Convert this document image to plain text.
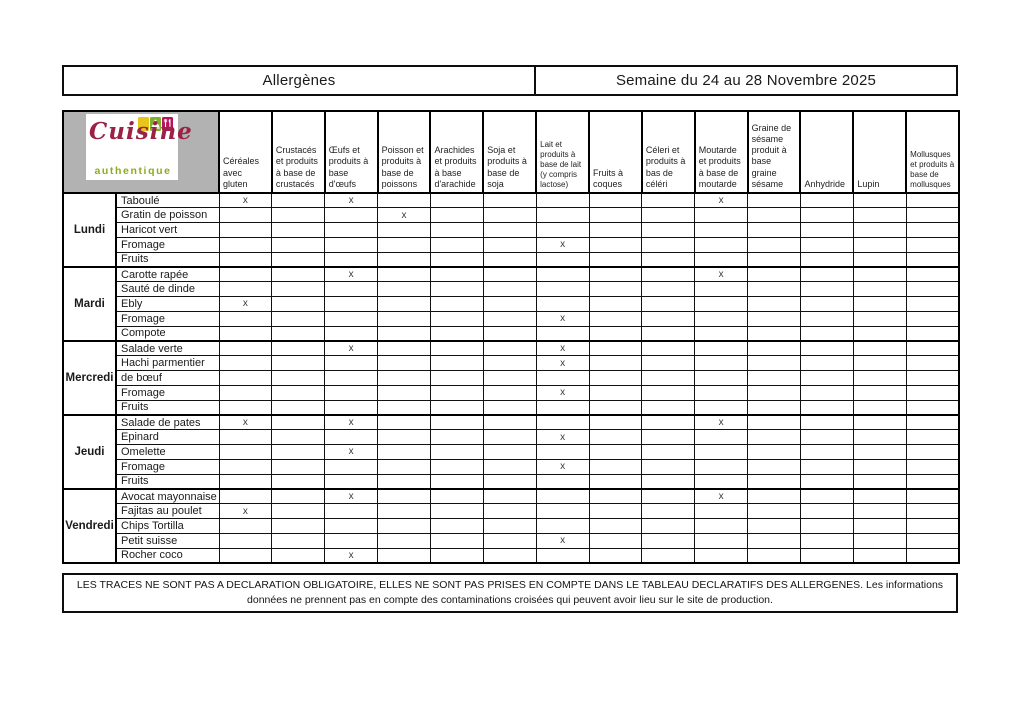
Allergènes	Semaine du 24 au 28 Novembre 2025
Cuisine
authentique		Céréales avec gluten	Crustacés et produits à base de crustacés	Œufs et produits à base d'œufs	Poisson et produits à base de poissons	Arachides et produits à base d'arachide	Soja et produits à base de soja	Lait et produits à base de lait (y compris lactose)	Fruits à coques	Céleri et produits à bas de céléri	Moutarde et produits à base de moutarde	Graine de sésame produit à base graine sésame	Anhydride	Lupin	Mollusques et produits à base de mollusques
Lundi	Taboulé	x		x							x				
	Gratin de poisson				x										
	Haricot vert														
	Fromage							x							
	Fruits														
Mardi	Carotte rapée			x							x				
	Sauté de dinde														
	Ebly	x													
	Fromage							x							
	Compote														
Mercredi	Salade verte			x				x							
	Hachi parmentier							x							
	de bœuf														
	Fromage							x							
	Fruits														
Jeudi	Salade de pates	x		x							x				
	Epinard							x							
	Omelette			x											
	Fromage							x							
	Fruits														
Vendredi	Avocat mayonnaise			x							x				
	Fajitas au poulet	x													
	Chips Tortilla														
	Petit suisse							x							
	Rocher coco			x											
LES TRACES NE SONT PAS A DECLARATION OBLIGATOIRE, ELLES NE SONT PAS PRISES EN COMPTE DANS LE TABLEAU DECLARATIFS DES ALLERGENES. Les informations données ne prennent pas en compte des contaminations croisées qui peuvent avoir lieu sur le site de production.
